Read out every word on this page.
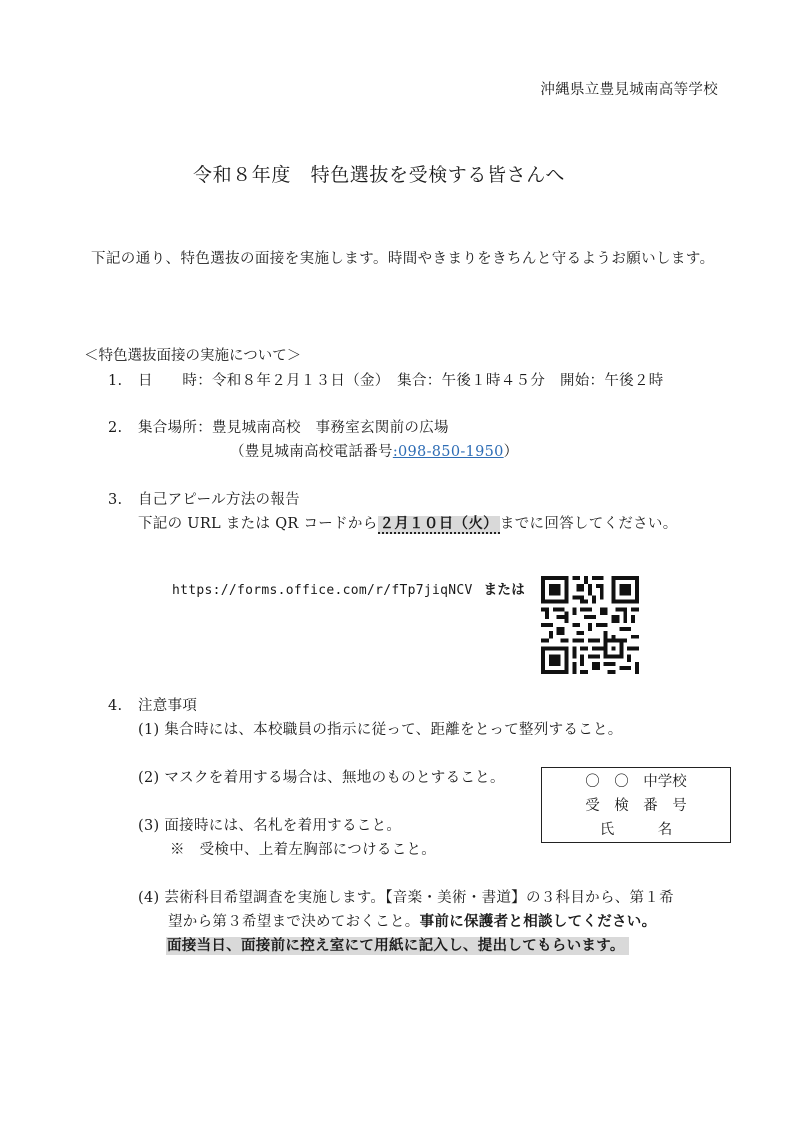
沖縄県立豊見城南高等学校
令和８年度　特色選抜を受検する皆さんへ
下記の通り、特色選抜の面接を実施します。時間やきまりをきちんと守るようお願いします。
＜特色選抜面接の実施について＞
1. 日　　時：令和８年２月１３日（金）　集合：午後１時４５分　開始：午後２時
2. 集合場所：豊見城南高校　事務室玄関前の広場
（豊見城南高校電話番号:098-850-1950）
3. 自己アピール方法の報告
下記の URL または QR コードから ２月１０日（火） までに回答してください。
https://forms.office.com/r/fTp7jiqNCV または
4. 注意事項
(1) 集合時には、本校職員の指示に従って、距離をとって整列すること。
(2) マスクを着用する場合は、無地のものとすること。
(3) 面接時には、名札を着用すること。
※　受検中、上着左胸部につけること。
〇　〇　中学校
受　検　番　号
氏　　　名
(4) 芸術科目希望調査を実施します。【音楽・美術・書道】の３科目から、第１希
望から第３希望まで決めておくこと。事前に保護者と相談してください。
面接当日、面接前に控え室にて用紙に記入し、提出してもらいます。
